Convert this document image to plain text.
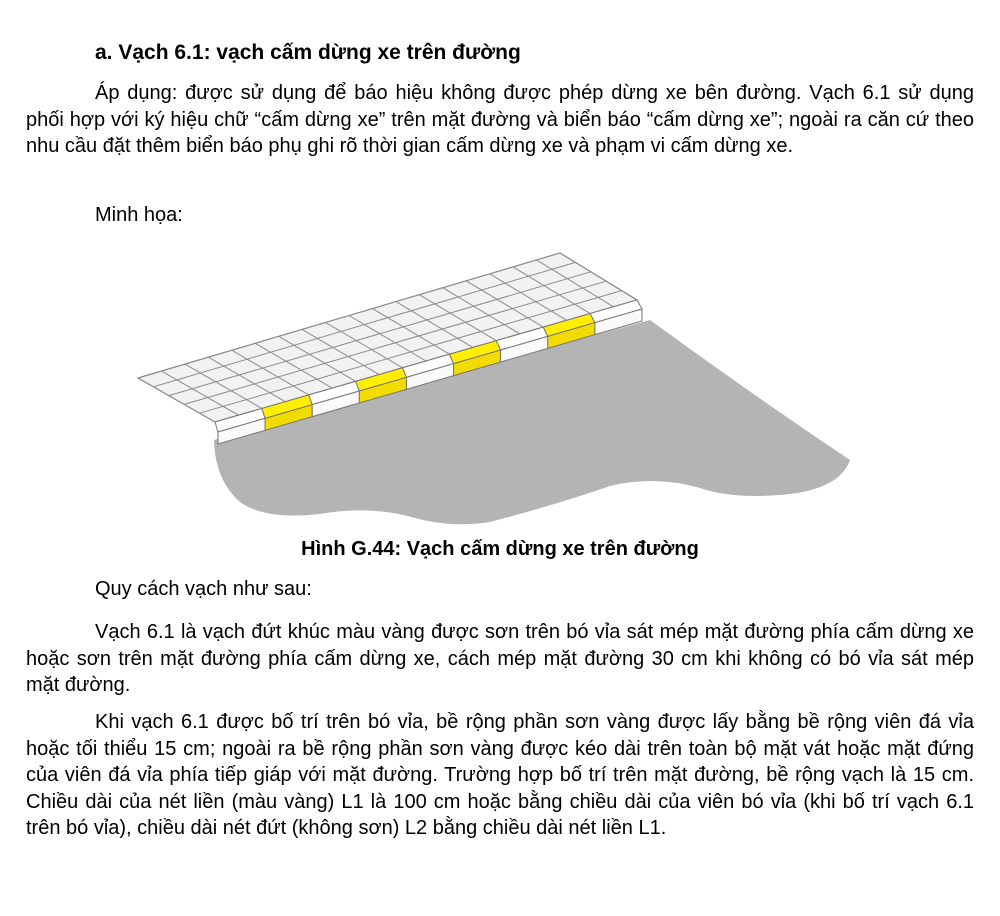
a. Vạch 6.1: vạch cấm dừng xe trên đường

Áp dụng: được sử dụng để báo hiệu không được phép dừng xe bên đường. Vạch 6.1 sử dụng phối hợp với ký hiệu chữ “cấm dừng xe” trên mặt đường và biển báo “cấm dừng xe”; ngoài ra căn cứ theo nhu cầu đặt thêm biển báo phụ ghi rõ thời gian cấm dừng xe và phạm vi cấm dừng xe.

Minh họa:

Hình G.44: Vạch cấm dừng xe trên đường

Quy cách vạch như sau:

Vạch 6.1 là vạch đứt khúc màu vàng được sơn trên bó vỉa sát mép mặt đường phía cấm dừng xe hoặc sơn trên mặt đường phía cấm dừng xe, cách mép mặt đường 30 cm khi không có bó vỉa sát mép mặt đường.

Khi vạch 6.1 được bố trí trên bó vỉa, bề rộng phần sơn vàng được lấy bằng bề rộng viên đá vỉa hoặc tối thiểu 15 cm; ngoài ra bề rộng phần sơn vàng được kéo dài trên toàn bộ mặt vát hoặc mặt đứng của viên đá vỉa phía tiếp giáp với mặt đường. Trường hợp bố trí trên mặt đường, bề rộng vạch là 15 cm. Chiều dài của nét liền (màu vàng) L1 là 100 cm hoặc bằng chiều dài của viên bó vỉa (khi bố trí vạch 6.1 trên bó vỉa), chiều dài nét đứt (không sơn) L2 bằng chiều dài nét liền L1.
